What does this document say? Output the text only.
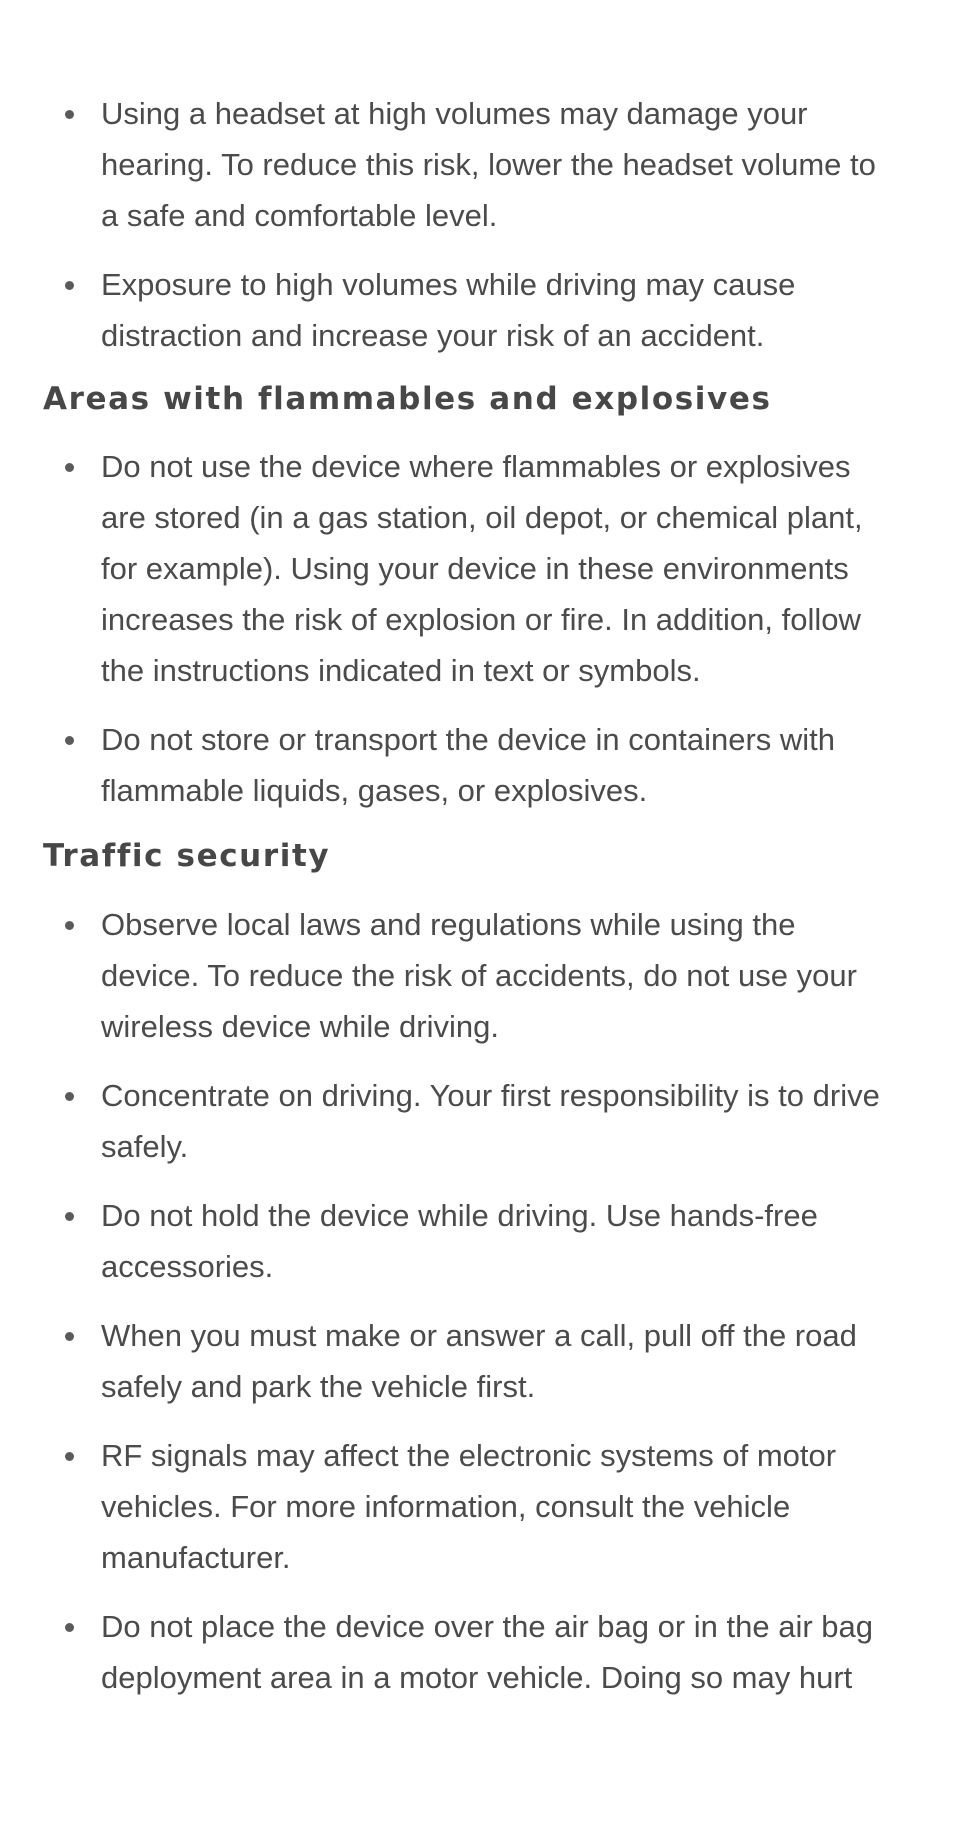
Using a headset at high volumes may damage your hearing. To reduce this risk, lower the headset volume to a safe and comfortable level.
Exposure to high volumes while driving may cause distraction and increase your risk of an accident.
Areas with flammables and explosives
Do not use the device where flammables or explosives are stored (in a gas station, oil depot, or chemical plant, for example). Using your device in these environments increases the risk of explosion or fire. In addition, follow the instructions indicated in text or symbols.
Do not store or transport the device in containers with flammable liquids, gases, or explosives.
Traffic security
Observe local laws and regulations while using the device. To reduce the risk of accidents, do not use your wireless device while driving.
Concentrate on driving. Your first responsibility is to drive safely.
Do not hold the device while driving. Use hands-free accessories.
When you must make or answer a call, pull off the road safely and park the vehicle first.
RF signals may affect the electronic systems of motor vehicles. For more information, consult the vehicle manufacturer.
Do not place the device over the air bag or in the air bag deployment area in a motor vehicle. Doing so may hurt
